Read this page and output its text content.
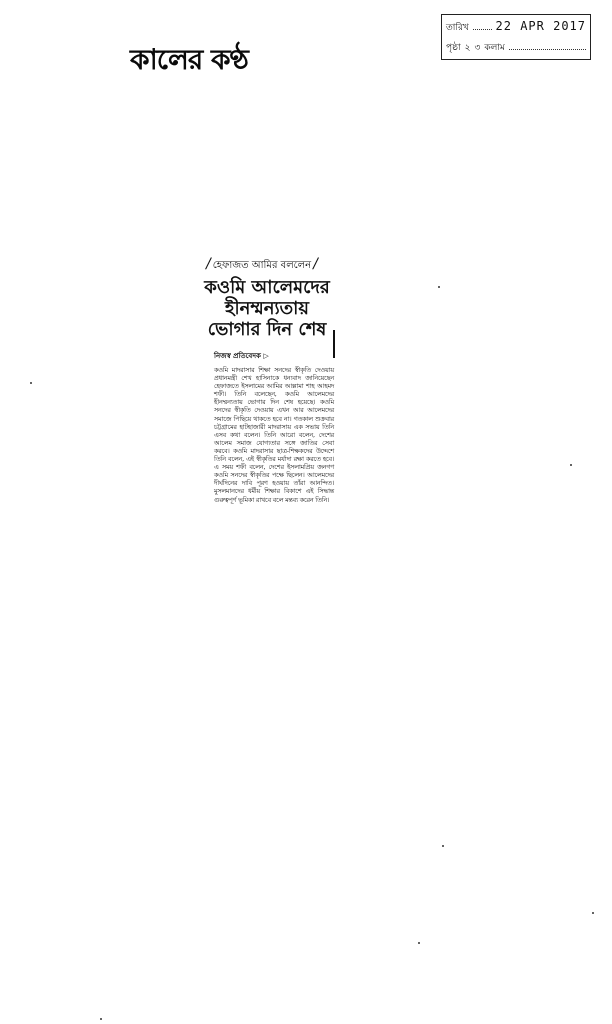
কালের কণ্ঠ
তারিখ 22 APR 2017
পৃষ্ঠা ২ ৩ কলাম
/ হেফাজত আমির বললেন /
কওমি আলেমদের
হীনম্মন্যতায়
ভোগার দিন শেষ
নিজস্ব প্রতিবেদক ▷
কওমি মাদরাসার শিক্ষা সনদের স্বীকৃতি দেওয়ায় প্রধানমন্ত্রী শেখ হাসিনাকে ধন্যবাদ জানিয়েছেন হেফাজতে ইসলামের আমির আল্লামা শাহ আহমদ শফী। তিনি বলেছেন, কওমি আলেমদের হীনম্মন্যতায় ভোগার দিন শেষ হয়েছে। কওমি সনদের স্বীকৃতি দেওয়ায় এখন আর আলেমদের সমাজে পিছিয়ে থাকতে হবে না। গতকাল শুক্রবার চট্টগ্রামের হাটহাজারী মাদরাসায় এক সভায় তিনি এসব কথা বলেন। তিনি আরো বলেন, দেশের আলেম সমাজ যোগ্যতার সঙ্গে জাতির সেবা করবে। কওমি মাদরাসার ছাত্র-শিক্ষকদের উদ্দেশে তিনি বলেন, এই স্বীকৃতির মর্যাদা রক্ষা করতে হবে। এ সময় শফী বলেন, দেশের ইসলামপ্রিয় জনগণ কওমি সনদের স্বীকৃতির পক্ষে ছিলেন। আলেমদের দীর্ঘদিনের দাবি পূরণ হওয়ায় তাঁরা আনন্দিত। মুসলমানদের ধর্মীয় শিক্ষার বিকাশে এই সিদ্ধান্ত গুরুত্বপূর্ণ ভূমিকা রাখবে বলে মন্তব্য করেন তিনি।
